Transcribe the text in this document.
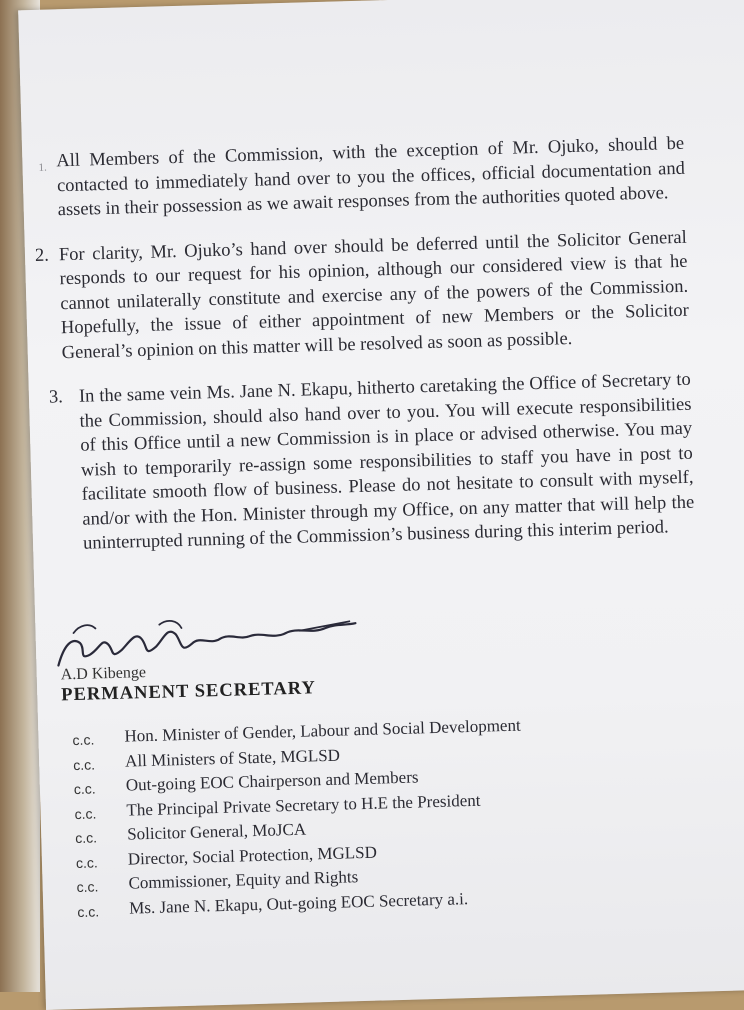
1. All Members of the Commission, with the exception of Mr. Ojuko, should be contacted to immediately hand over to you the offices, official documentation and assets in their possession as we await responses from the authorities quoted above.
2. For clarity, Mr. Ojuko’s hand over should be deferred until the Solicitor General responds to our request for his opinion, although our considered view is that he cannot unilaterally constitute and exercise any of the powers of the Commission. Hopefully, the issue of either appointment of new Members or the Solicitor General’s opinion on this matter will be resolved as soon as possible.
3. In the same vein Ms. Jane N. Ekapu, hitherto caretaking the Office of Secretary to the Commission, should also hand over to you. You will execute responsibilities of this Office until a new Commission is in place or advised otherwise. You may wish to temporarily re-assign some responsibilities to staff you have in post to facilitate smooth flow of business. Please do not hesitate to consult with myself, and/or with the Hon. Minister through my Office, on any matter that will help the uninterrupted running of the Commission’s business during this interim period.
A.D Kibenge
PERMANENT SECRETARY
c.c.	Hon. Minister of Gender, Labour and Social Development
c.c.	All Ministers of State, MGLSD
c.c.	Out-going EOC Chairperson and Members
c.c.	The Principal Private Secretary to H.E the President
c.c.	Solicitor General, MoJCA
c.c.	Director, Social Protection, MGLSD
c.c.	Commissioner, Equity and Rights
c.c.	Ms. Jane N. Ekapu, Out-going EOC Secretary a.i.
